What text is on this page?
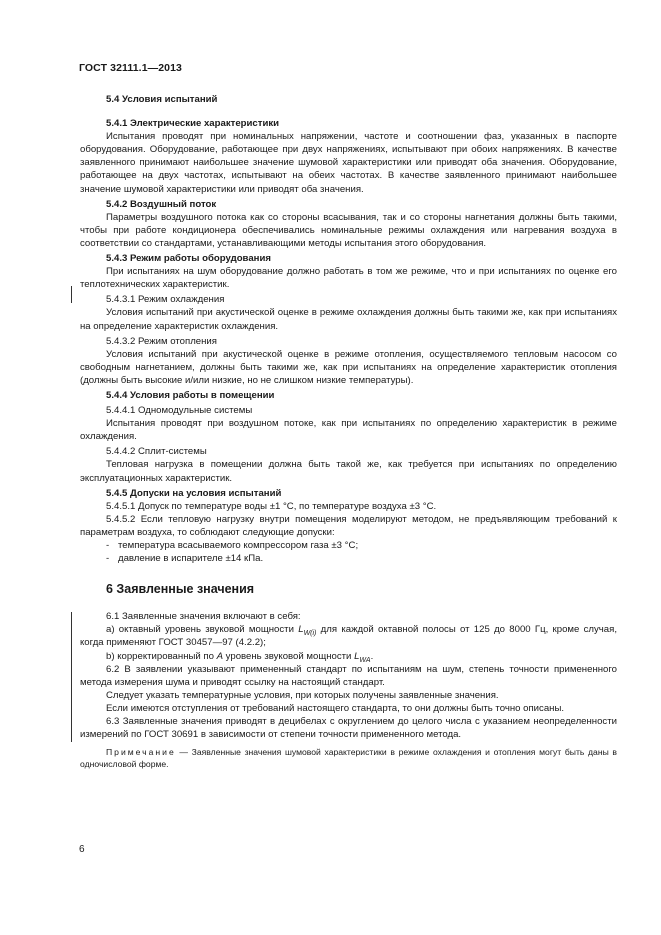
ГОСТ 32111.1—2013

5.4 Условия испытаний

5.4.1 Электрические характеристики

Испытания проводят при номинальных напряжении, частоте и соотношении фаз, указанных в паспорте оборудования. Оборудование, работающее при двух напряжениях, испытывают при обоих напряжениях. В качестве заявленного принимают наибольшее значение шумовой характеристики или приводят оба значения. Оборудование, работающее на двух частотах, испытывают на обеих частотах. В качестве заявленного принимают наибольшее значение шумовой характеристики или приводят оба значения.

5.4.2 Воздушный поток

Параметры воздушного потока как со стороны всасывания, так и со стороны нагнетания должны быть такими, чтобы при работе кондиционера обеспечивались номинальные режимы охлаждения или нагревания воздуха в соответствии со стандартами, устанавливающими методы испытания этого оборудования.

5.4.3 Режим работы оборудования

При испытаниях на шум оборудование должно работать в том же режиме, что и при испытаниях по оценке его теплотехнических характеристик.

5.4.3.1 Режим охлаждения

Условия испытаний при акустической оценке в режиме охлаждения должны быть такими же, как при испытаниях на определение характеристик охлаждения.

5.4.3.2 Режим отопления

Условия испытаний при акустической оценке в режиме отопления, осуществляемого тепловым насосом со свободным нагнетанием, должны быть такими же, как при испытаниях на определение характеристик отопления (должны быть высокие и/или низкие, но не слишком низкие температуры).

5.4.4 Условия работы в помещении

5.4.4.1 Одномодульные системы

Испытания проводят при воздушном потоке, как при испытаниях по определению характеристик в режиме охлаждения.

5.4.4.2 Сплит-системы

Тепловая нагрузка в помещении должна быть такой же, как требуется при испытаниях по определению эксплуатационных характеристик.

5.4.5 Допуски на условия испытаний

5.4.5.1 Допуск по температуре воды ±1 °C, по температуре воздуха ±3 °C.

5.4.5.2 Если тепловую нагрузку внутри помещения моделируют методом, не предъявляющим требований к параметрам воздуха, то соблюдают следующие допуски:

- температура всасываемого компрессором газа ±3 °C;

- давление в испарителе ±14 кПа.

6 Заявленные значения

6.1 Заявленные значения включают в себя:

а) октавный уровень звуковой мощности $L_{W(i)}$ для каждой октавной полосы от 125 до 8000 Гц, кроме случая, когда применяют ГОСТ 30457—97 (4.2.2);

b) корректированный по A уровень звуковой мощности $L_{WA}$.

6.2 В заявлении указывают примененный стандарт по испытаниям на шум, степень точности примененного метода измерения шума и приводят ссылку на настоящий стандарт.

Следует указать температурные условия, при которых получены заявленные значения.

Если имеются отступления от требований настоящего стандарта, то они должны быть точно описаны.

6.3 Заявленные значения приводят в децибелах с округлением до целого числа с указанием неопределенности измерений по ГОСТ 30691 в зависимости от степени точности примененного метода.

Примечание — Заявленные значения шумовой характеристики в режиме охлаждения и отопления могут быть даны в одночисловой форме.

6
